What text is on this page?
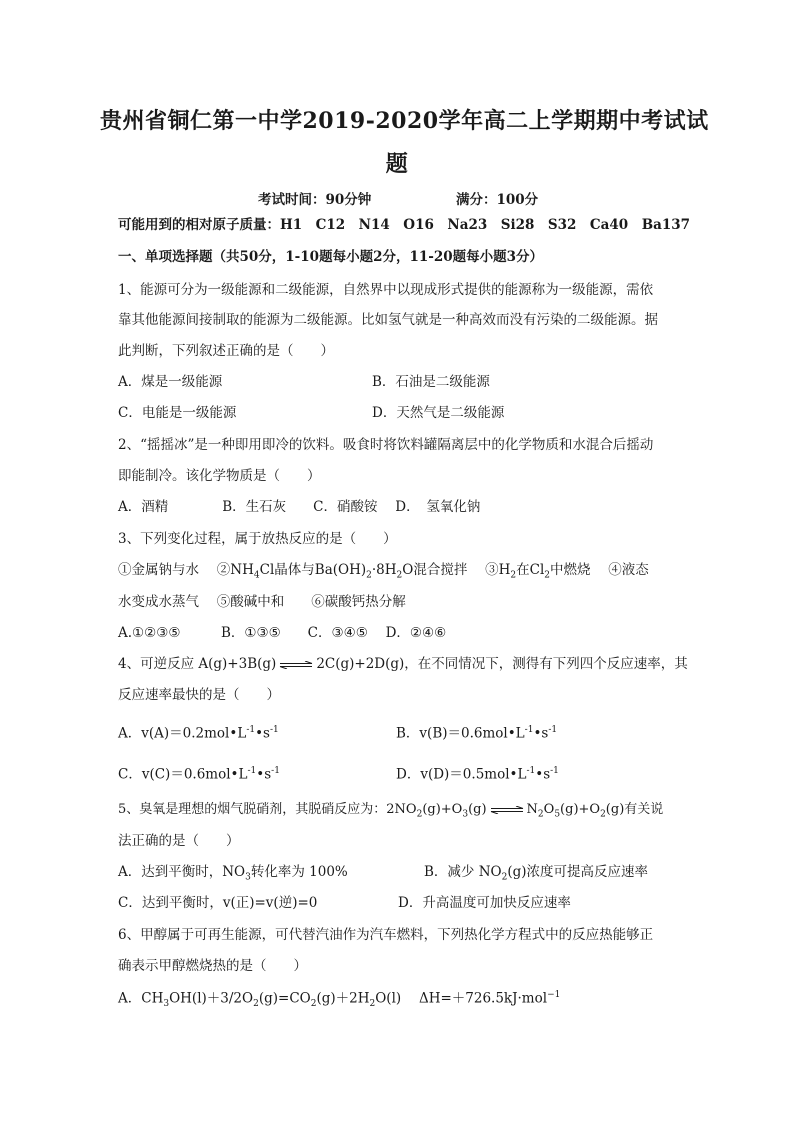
贵州省铜仁第一中学2019-2020学年高二上学期期中考试试
题
考试时间：90分钟	满分：100分
可能用到的相对原子质量：H1　C12　N14　O16　Na23　Si28　S32　Ca40　Ba137
一、单项选择题（共50分，1-10题每小题2分，11-20题每小题3分）
1、能源可分为一级能源和二级能源，自然界中以现成形式提供的能源称为一级能源，需依
靠其他能源间接制取的能源为二级能源。比如氢气就是一种高效而没有污染的二级能源。据
此判断，下列叙述正确的是（　　）
A．煤是一级能源	B．石油是二级能源
C．电能是一级能源	D．天然气是二级能源
2、“摇摇冰”是一种即用即冷的饮料。吸食时将饮料罐隔离层中的化学物质和水混合后摇动
即能制冷。该化学物质是（　　）
A．酒精　　　　B．生石灰　　C．硝酸铵　 D．　氢氧化钠
3、下列变化过程，属于放热反应的是（　　）
①金属钠与水　 $②NH_4Cl$晶体与$Ba(OH)_2\cdot 8H_2O$混合搅拌　 $③H_2$在$Cl_2$中燃烧　 ④液态
水变成水蒸气　 ⑤酸碱中和　　⑥碳酸钙热分解
A.①②③⑤　　　B．①③⑤　　C．③④⑤　 D．②④⑥
4、可逆反应 A(g)+3B(g) ⇌ 2C(g)+2D(g)，在不同情况下，测得有下列四个反应速率，其
反应速率最快的是（　　）
A．$v(A)=0.2mol•L^{-1}•s^{-1}$	B．$v(B)=0.6mol•L^{-1}•s^{-1}$
C．$v(C)=0.6mol•L^{-1}•s^{-1}$	D．$v(D)=0.5mol•L^{-1}•s^{-1}$
5、臭氧是理想的烟气脱硝剂，其脱硝反应为：$2NO_2(g)+O_3(g)$ ⇌ $N_2O_5(g)+O_2(g)$有关说
法正确的是（　　）
A．达到平衡时，$NO_3$转化率为 100%	B．减少 $NO_2(g)$浓度可提高反应速率
C．达到平衡时，v(正)=v(逆)=0	D．升高温度可加快反应速率
6、甲醇属于可再生能源，可代替汽油作为汽车燃料，下列热化学方程式中的反应热能够正
确表示甲醇燃烧热的是（　　）
A．$CH_3OH(l)+3/2O_2(g)=CO_2(g)+2H_2O(l)$　 ΔH=＋726.5kJ·mol$^{-1}$
